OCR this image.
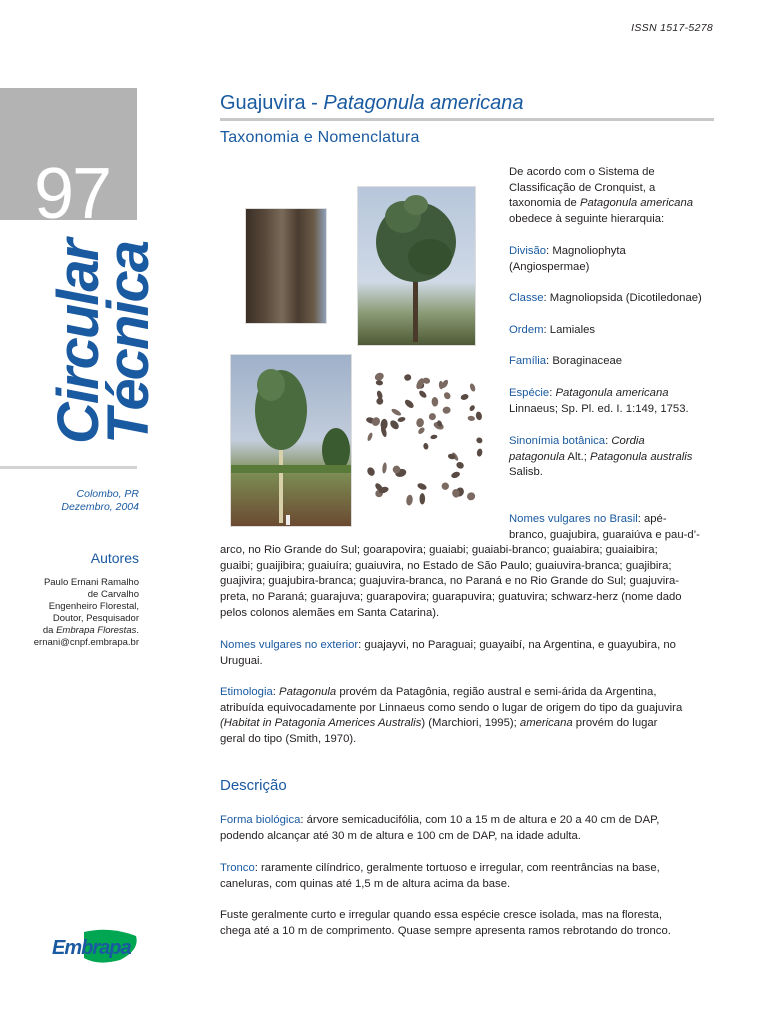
ISSN 1517-5278
97
Circular
Técnica
Colombo, PR
Dezembro, 2004
Autores
Paulo Ernani Ramalho
de Carvalho
Engenheiro Florestal,
Doutor, Pesquisador
da Embrapa Florestas.
ernani@cnpf.embrapa.br
Guajuvira - Patagonula americana
Taxonomia e Nomenclatura
De acordo com o Sistema de
Classificação de Cronquist, a
taxonomia de Patagonula americana
obedece à seguinte hierarquia:
Divisão: Magnoliophyta
(Angiospermae)
Classe: Magnoliopsida (Dicotiledonae)
Ordem: Lamiales
Família: Boraginaceae
Espécie: Patagonula americana
Linnaeus; Sp. Pl. ed. I. 1:149, 1753.
Sinonímia botânica: Cordia
patagonula Alt.; Patagonula australis
Salisb.
Nomes vulgares no Brasil: apé-
branco, guajubira, guaraiúva e pau-d’-
arco, no Rio Grande do Sul; goarapovira; guaiabi; guaiabi-branco; guaiabira; guaiaibira;
guaibi; guaijibira; guaiuíra; guaiuvira, no Estado de São Paulo; guaiuvira-branca; guajibira;
guajivira; guajubira-branca; guajuvira-branca, no Paraná e no Rio Grande do Sul; guajuvira-
preta, no Paraná; guarajuva; guarapovira; guarapuvira; guatuvira; schwarz-herz (nome dado
pelos colonos alemães em Santa Catarina).
Nomes vulgares no exterior: guajayvi, no Paraguai; guayaibí, na Argentina, e guayubira, no
Uruguai.
Etimologia: Patagonula provém da Patagônia, região austral e semi-árida da Argentina,
atribuída equivocadamente por Linnaeus como sendo o lugar de origem do tipo da guajuvira
(Habitat in Patagonia Americes Australis) (Marchiori, 1995); americana provém do lugar
geral do tipo (Smith, 1970).
Descrição
Forma biológica: árvore semicaducifólia, com 10 a 15 m de altura e 20 a 40 cm de DAP,
podendo alcançar até 30 m de altura e 100 cm de DAP, na idade adulta.
Tronco: raramente cilíndrico, geralmente tortuoso e irregular, com reentrâncias na base,
caneluras, com quinas até 1,5 m de altura acima da base.
Fuste geralmente curto e irregular quando essa espécie cresce isolada, mas na floresta,
chega até a 10 m de comprimento. Quase sempre apresenta ramos rebrotando do tronco.
Embrapa
